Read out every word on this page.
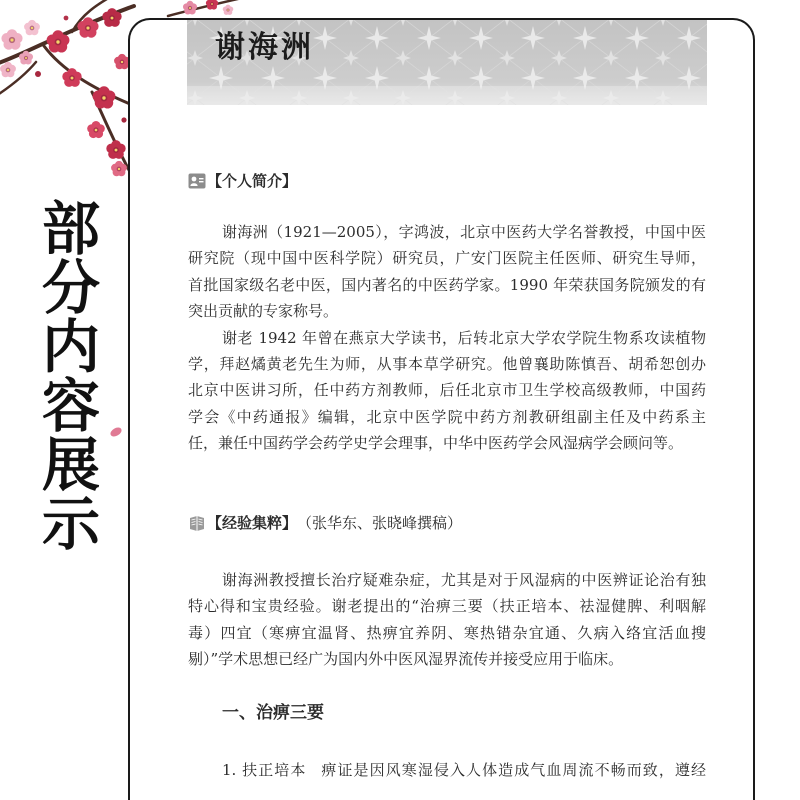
部分内容展示
谢海洲
【个人简介】
谢海洲（1921—2005），字鸿波，北京中医药大学名誉教授，中国中医
研究院（现中国中医科学院）研究员，广安门医院主任医师、研究生导师，
首批国家级名老中医，国内著名的中医药学家。1990 年荣获国务院颁发的有
突出贡献的专家称号。
谢老 1942 年曾在燕京大学读书，后转北京大学农学院生物系攻读植物
学，拜赵燏黄老先生为师，从事本草学研究。他曾襄助陈慎吾、胡希恕创办
北京中医讲习所，任中药方剂教师，后任北京市卫生学校高级教师，中国药
学会《中药通报》编辑，北京中医学院中药方剂教研组副主任及中药系主
任，兼任中国药学会药学史学会理事，中华中医药学会风湿病学会顾问等。
【经验集粹】 （张华东、张晓峰撰稿）
谢海洲教授擅长治疗疑难杂症，尤其是对于风湿病的中医辨证论治有独
特心得和宝贵经验。谢老提出的“治痹三要（扶正培本、祛湿健脾、利咽解
毒）四宜（寒痹宜温肾、热痹宜养阴、寒热错杂宜通、久病入络宜活血搜
剔）”学术思想已经广为国内外中医风湿界流传并接受应用于临床。
一、治痹三要
1. 扶正培本 痹证是因风寒湿侵入人体造成气血周流不畅而致，遵经
